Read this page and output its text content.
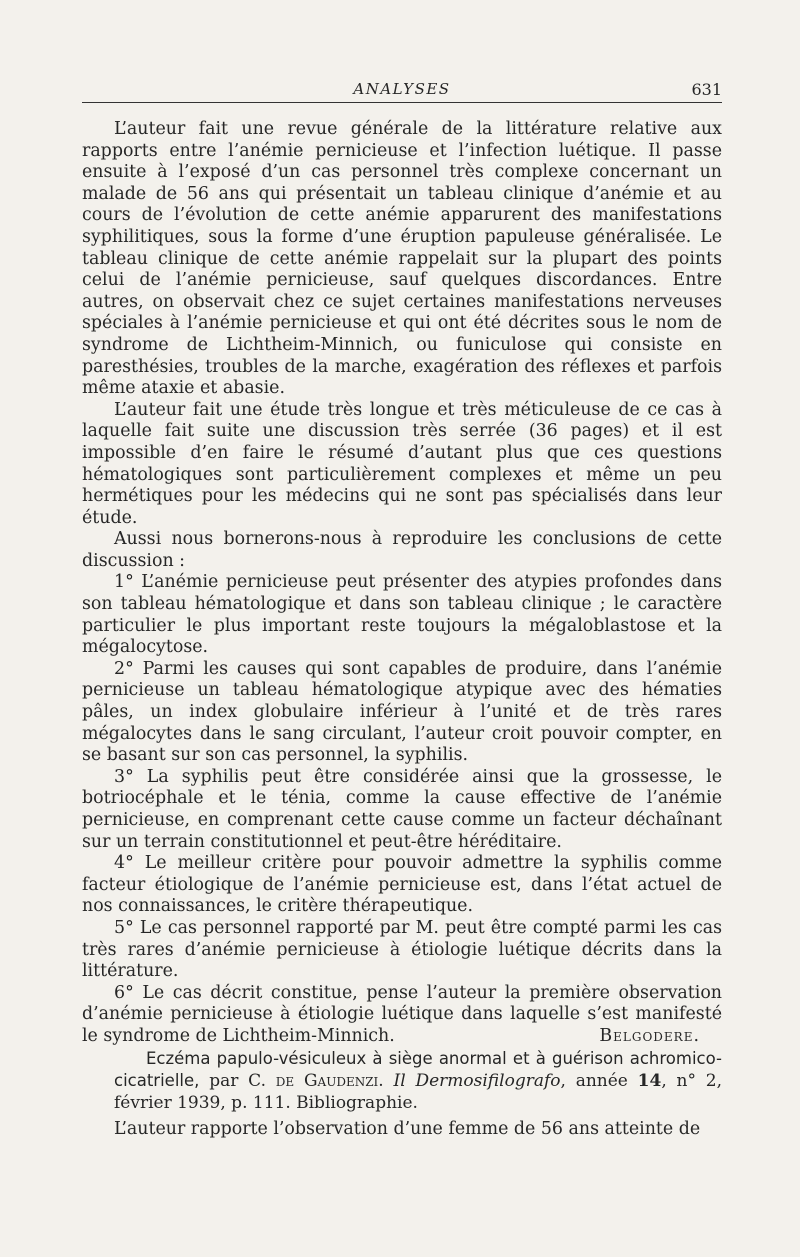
ANALYSES	631

L’auteur fait une revue générale de la littérature relative aux rapports entre l’anémie pernicieuse et l’infection luétique. Il passe ensuite à l’exposé d’un cas personnel très complexe concernant un malade de 56 ans qui présentait un tableau clinique d’anémie et au cours de l’évolution de cette anémie apparurent des manifestations syphilitiques, sous la forme d’une éruption papuleuse généralisée. Le tableau clinique de cette anémie rappelait sur la plupart des points celui de l’anémie pernicieuse, sauf quelques discordances. Entre autres, on observait chez ce sujet certaines manifestations nerveuses spéciales à l’anémie pernicieuse et qui ont été décrites sous le nom de syndrome de Lichtheim-Minnich, ou funiculose qui consiste en paresthésies, troubles de la marche, exagération des réflexes et parfois même ataxie et abasie.

L’auteur fait une étude très longue et très méticuleuse de ce cas à laquelle fait suite une discussion très serrée (36 pages) et il est impossible d’en faire le résumé d’autant plus que ces questions hématologiques sont particulièrement complexes et même un peu hermétiques pour les médecins qui ne sont pas spécialisés dans leur étude.

Aussi nous bornerons-nous à reproduire les conclusions de cette discussion :

1° L’anémie pernicieuse peut présenter des atypies profondes dans son tableau hématologique et dans son tableau clinique ; le caractère particulier le plus important reste toujours la mégaloblastose et la mégalocytose.

2° Parmi les causes qui sont capables de produire, dans l’anémie pernicieuse un tableau hématologique atypique avec des hématies pâles, un index globulaire inférieur à l’unité et de très rares mégalocytes dans le sang circulant, l’auteur croit pouvoir compter, en se basant sur son cas personnel, la syphilis.

3° La syphilis peut être considérée ainsi que la grossesse, le botriocéphale et le ténia, comme la cause effective de l’anémie pernicieuse, en comprenant cette cause comme un facteur déchaînant sur un terrain constitutionnel et peut-être héréditaire.

4° Le meilleur critère pour pouvoir admettre la syphilis comme facteur étiologique de l’anémie pernicieuse est, dans l’état actuel de nos connaissances, le critère thérapeutique.

5° Le cas personnel rapporté par M. peut être compté parmi les cas très rares d’anémie pernicieuse à étiologie luétique décrits dans la littérature.

6° Le cas décrit constitue, pense l’auteur la première observation d’anémie pernicieuse à étiologie luétique dans laquelle s’est manifesté le syndrome de Lichtheim-Minnich.	Belgodere.

Eczéma papulo-vésiculeux à siège anormal et à guérison achromico-cicatrielle, par C. de Gaudenzi. Il Dermosifilografo, année 14, n° 2, février 1939, p. 111. Bibliographie.

L’auteur rapporte l’observation d’une femme de 56 ans atteinte de
